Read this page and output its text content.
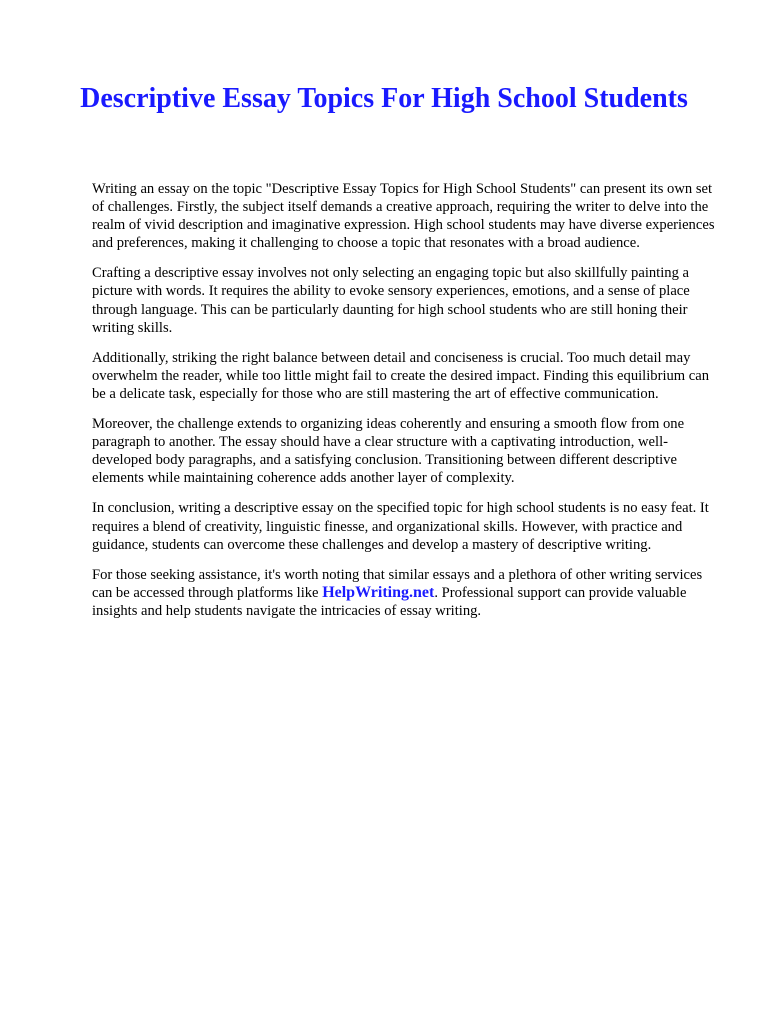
Descriptive Essay Topics For High School Students

Writing an essay on the topic "Descriptive Essay Topics for High School Students" can present its own set of challenges. Firstly, the subject itself demands a creative approach, requiring the writer to delve into the realm of vivid description and imaginative expression. High school students may have diverse experiences and preferences, making it challenging to choose a topic that resonates with a broad audience.

Crafting a descriptive essay involves not only selecting an engaging topic but also skillfully painting a picture with words. It requires the ability to evoke sensory experiences, emotions, and a sense of place through language. This can be particularly daunting for high school students who are still honing their writing skills.

Additionally, striking the right balance between detail and conciseness is crucial. Too much detail may overwhelm the reader, while too little might fail to create the desired impact. Finding this equilibrium can be a delicate task, especially for those who are still mastering the art of effective communication.

Moreover, the challenge extends to organizing ideas coherently and ensuring a smooth flow from one paragraph to another. The essay should have a clear structure with a captivating introduction, well-developed body paragraphs, and a satisfying conclusion. Transitioning between different descriptive elements while maintaining coherence adds another layer of complexity.

In conclusion, writing a descriptive essay on the specified topic for high school students is no easy feat. It requires a blend of creativity, linguistic finesse, and organizational skills. However, with practice and guidance, students can overcome these challenges and develop a mastery of descriptive writing.

For those seeking assistance, it's worth noting that similar essays and a plethora of other writing services can be accessed through platforms like HelpWriting.net. Professional support can provide valuable insights and help students navigate the intricacies of essay writing.
